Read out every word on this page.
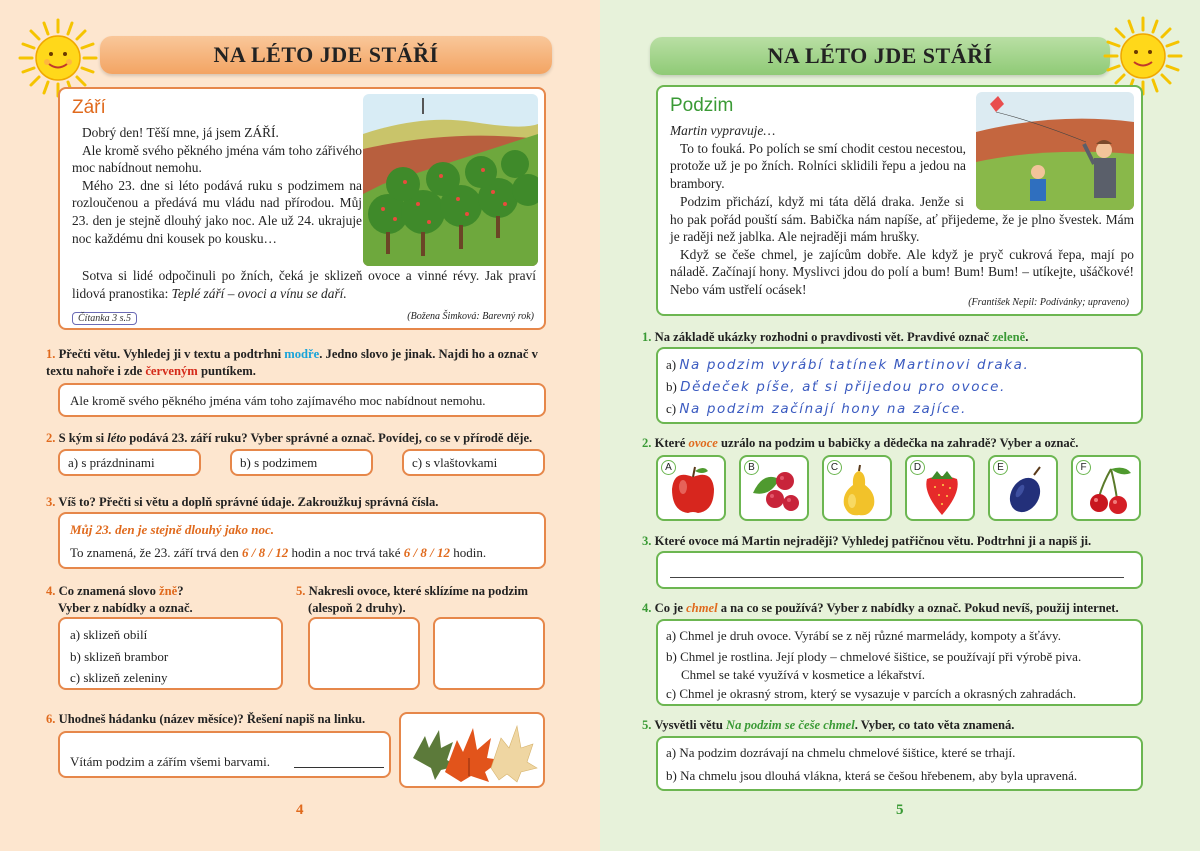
NA LÉTO JDE STÁŘÍ
Září

Dobrý den! Těší mne, já jsem ZÁŘÍ.

Ale kromě svého pěkného jména vám toho zářivého moc nabídnout nemohu.

Mého 23. dne si léto podává ruku s podzimem na rozloučenou a předává mu vládu nad přírodou. Můj 23. den je stejně dlouhý jako noc. Ale už 24. ukrajuje noc každému dni kousek po kousku…

Sotva si lidé odpočinuli po žních, čeká je sklizeň ovoce a vinné révy. Jak praví lidová pranostika: Teplé září – ovoci a vínu se daří.

Čítanka 3 s.5	(Božena Šimková: Barevný rok)
1. Přečti větu. Vyhledej ji v textu a podtrhni modře. Jedno slovo je jinak. Najdi ho a označ v textu nahoře i zde červeným puntíkem.
Ale kromě svého pěkného jména vám toho zajímavého moc nabídnout nemohu.
2. S kým si léto podává 23. září ruku? Vyber správné a označ. Povídej, co se v přírodě děje.
a) s prázdninami	b) s podzimem	c) s vlaštovkami
3. Víš to? Přečti si větu a doplň správné údaje. Zakroužkuj správná čísla.
Můj 23. den je stejně dlouhý jako noc.
To znamená, že 23. září trvá den 6 / 8 / 12 hodin a noc trvá také 6 / 8 / 12 hodin.
4. Co znamená slovo žně?
Vyber z nabídky a označ.
a) sklizeň obilí
b) sklizeň brambor
c) sklizeň zeleniny
5. Nakresli ovoce, které sklízíme na podzim
(alespoň 2 druhy).
6. Uhodneš hádanku (název měsíce)? Řešení napiš na linku.
Vítám podzim a zářím všemi barvami.
4
NA LÉTO JDE STÁŘÍ
Podzim

Martin vypravuje…

To to fouká. Po polích se smí chodit cestou necestou, protože už je po žních. Rolníci sklidili řepu a jedou na brambory.

Podzim přichází, když mi táta dělá draka. Jenže si ho pak pořád pouští sám. Babička nám napíše, ať přijedeme, že je plno švestek. Mám je raději než jablka. Ale nejraději mám hrušky.

Když se češe chmel, je zajícům dobře. Ale když je pryč cukrová řepa, mají po náladě. Začínají hony. Myslivci jdou do polí a bum! Bum! Bum! – utíkejte, ušáčkové! Nebo vám ustřelí ocásek!

(František Nepil: Podívánky; upraveno)
1. Na základě ukázky rozhodni o pravdivosti vět. Pravdivé označ zeleně.
a) Na podzim vyrábí tatínek Martinovi draka.
b) Dědeček píše, ať si přijedou pro ovoce.
c) Na podzim začínají hony na zajíce.
2. Které ovoce uzrálo na podzim u babičky a dědečka na zahradě? Vyber a označ.
A	B	C	D	E	F
3. Které ovoce má Martin nejraději? Vyhledej patřičnou větu. Podtrhni ji a napiš ji.
4. Co je chmel a na co se používá? Vyber z nabídky a označ. Pokud nevíš, použij internet.
a) Chmel je druh ovoce. Vyrábí se z něj různé marmelády, kompoty a šťávy.
b) Chmel je rostlina. Její plody – chmelové šištice, se používají při výrobě piva.
Chmel se také využívá v kosmetice a lékařství.
c) Chmel je okrasný strom, který se vysazuje v parcích a okrasných zahradách.
5. Vysvětli větu Na podzim se češe chmel. Vyber, co tato věta znamená.
a) Na podzim dozrávají na chmelu chmelové šištice, které se trhají.
b) Na chmelu jsou dlouhá vlákna, která se češou hřebenem, aby byla upravená.
5
